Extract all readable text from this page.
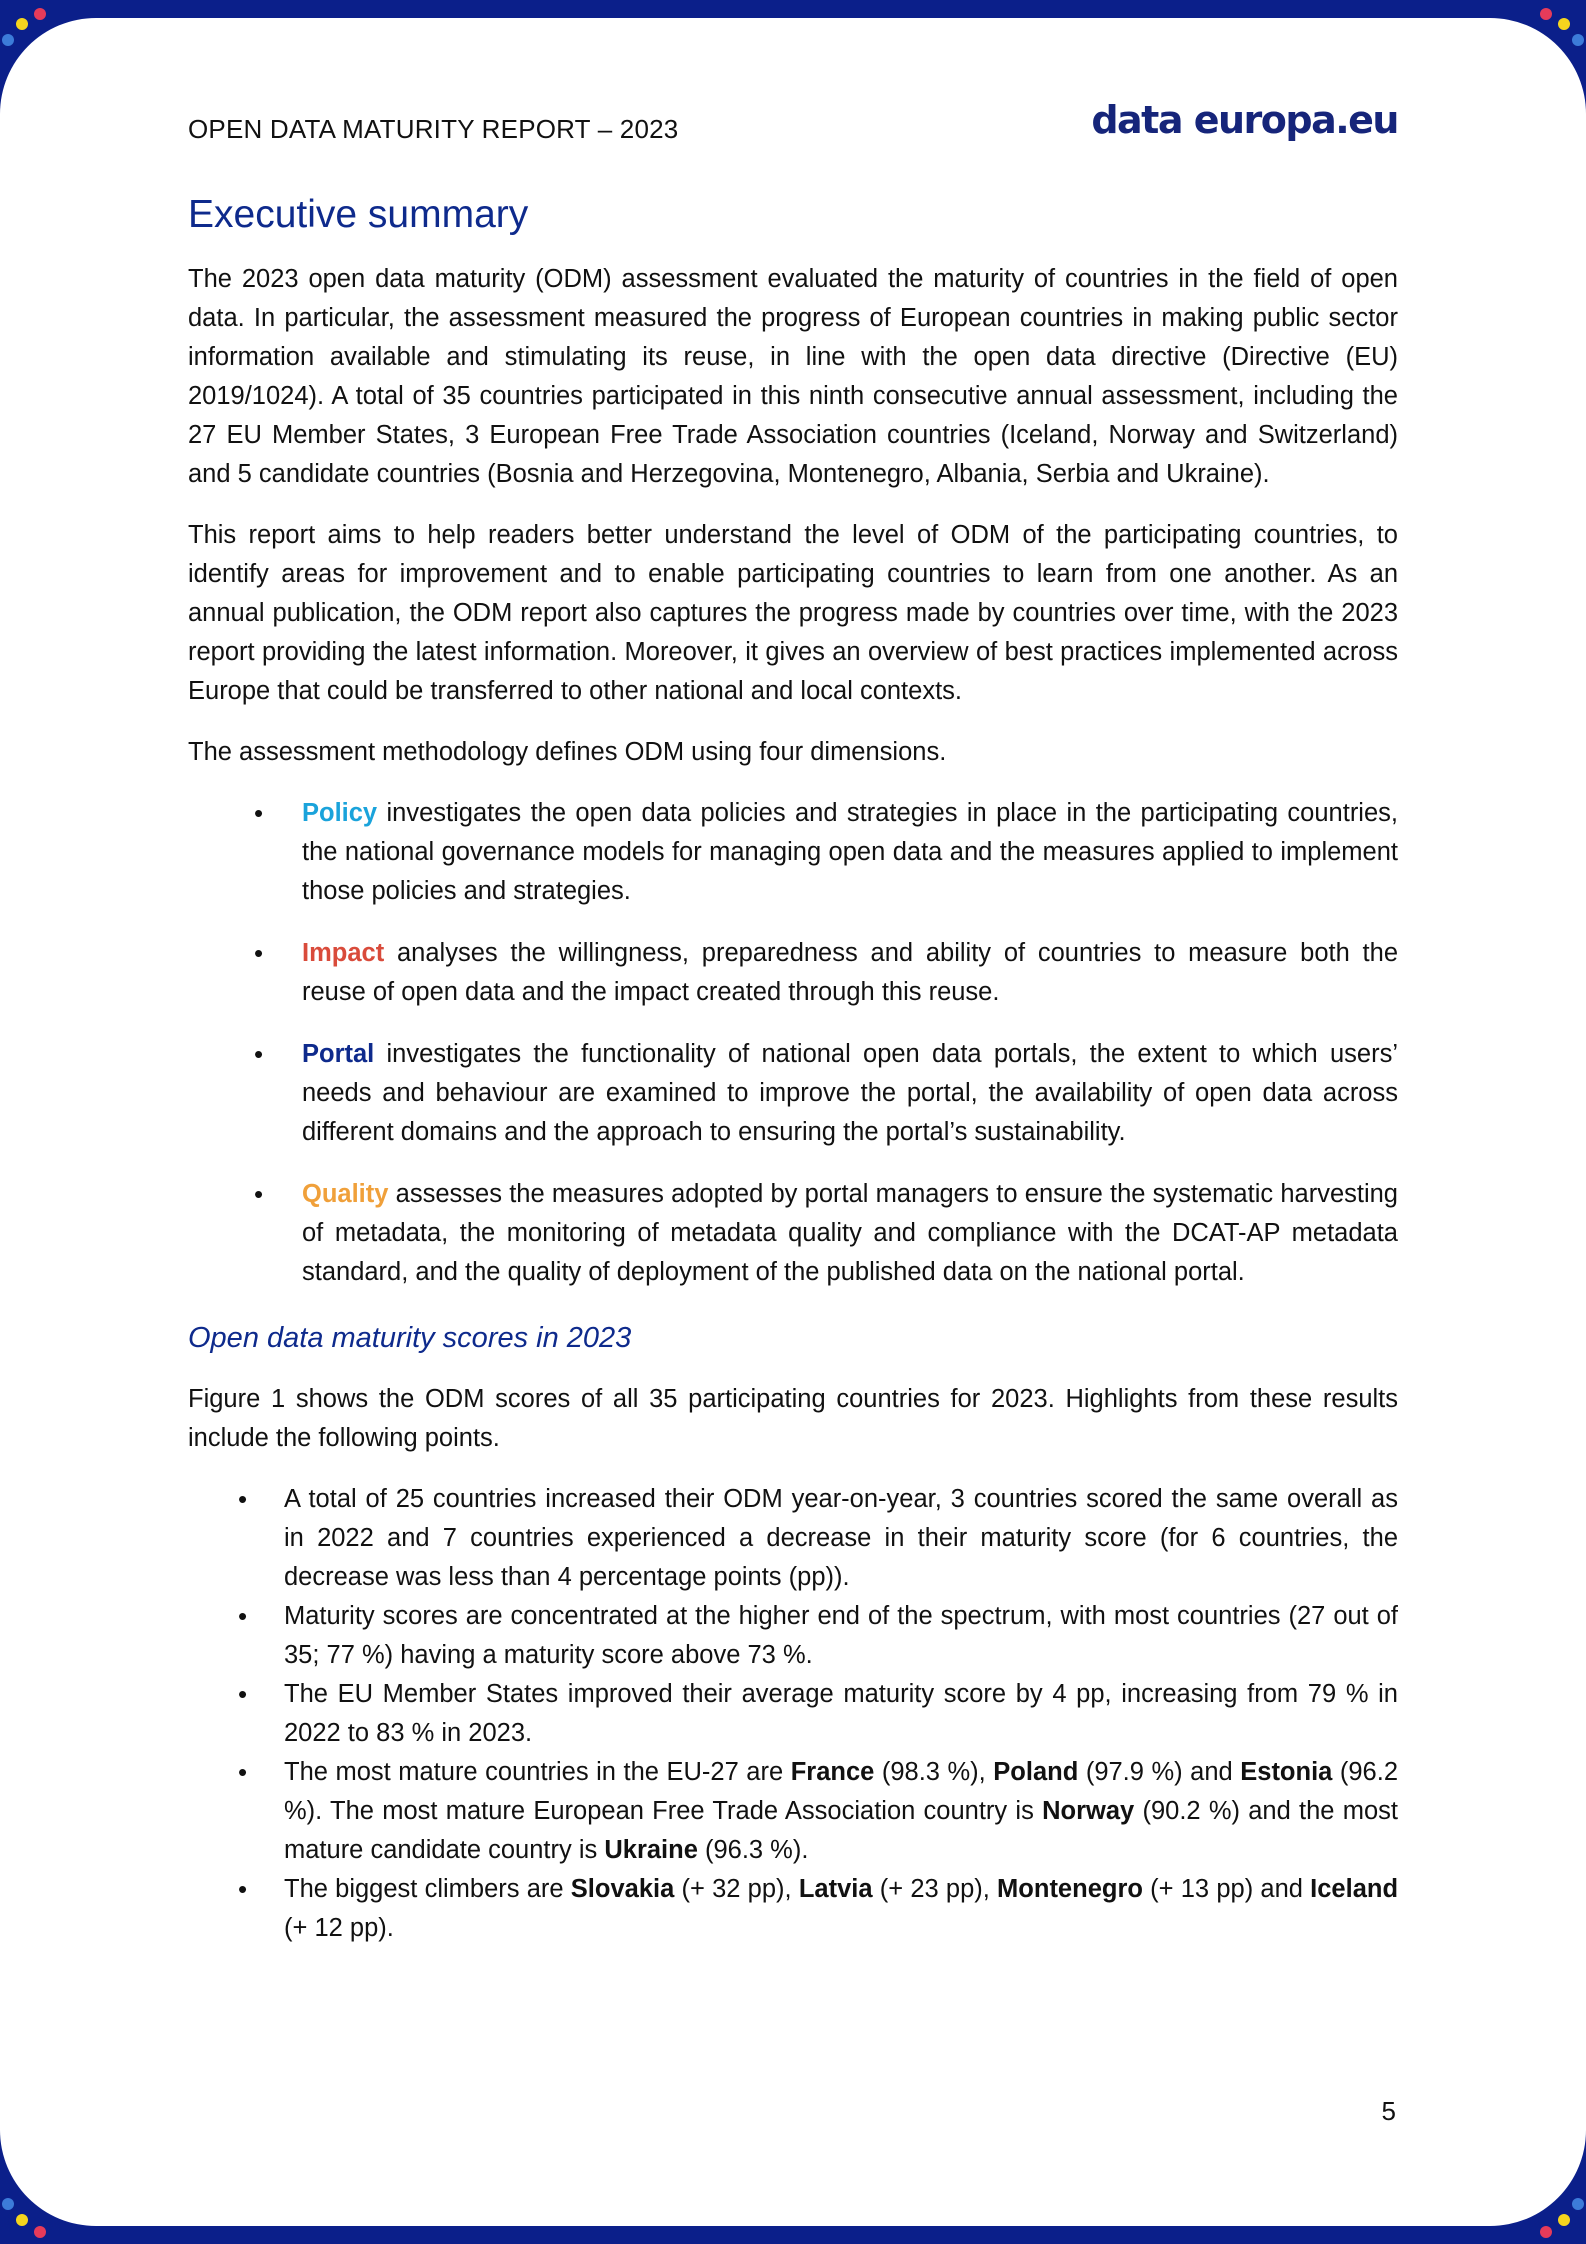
OPEN DATA MATURITY REPORT – 2023	data europa.eu
Executive summary

The 2023 open data maturity (ODM) assessment evaluated the maturity of countries in the field of open data. In particular, the assessment measured the progress of European countries in making public sector information available and stimulating its reuse, in line with the open data directive (Directive (EU) 2019/1024). A total of 35 countries participated in this ninth consecutive annual assessment, including the 27 EU Member States, 3 European Free Trade Association countries (Iceland, Norway and Switzerland) and 5 candidate countries (Bosnia and Herzegovina, Montenegro, Albania, Serbia and Ukraine).

This report aims to help readers better understand the level of ODM of the participating countries, to identify areas for improvement and to enable participating countries to learn from one another. As an annual publication, the ODM report also captures the progress made by countries over time, with the 2023 report providing the latest information. Moreover, it gives an overview of best practices implemented across Europe that could be transferred to other national and local contexts.

The assessment methodology defines ODM using four dimensions.

• Policy investigates the open data policies and strategies in place in the participating countries, the national governance models for managing open data and the measures applied to implement those policies and strategies.
• Impact analyses the willingness, preparedness and ability of countries to measure both the reuse of open data and the impact created through this reuse.
• Portal investigates the functionality of national open data portals, the extent to which users’ needs and behaviour are examined to improve the portal, the availability of open data across different domains and the approach to ensuring the portal’s sustainability.
• Quality assesses the measures adopted by portal managers to ensure the systematic harvesting of metadata, the monitoring of metadata quality and compliance with the DCAT-AP metadata standard, and the quality of deployment of the published data on the national portal.
Open data maturity scores in 2023

Figure 1 shows the ODM scores of all 35 participating countries for 2023. Highlights from these results include the following points.

• A total of 25 countries increased their ODM year-on-year, 3 countries scored the same overall as in 2022 and 7 countries experienced a decrease in their maturity score (for 6 countries, the decrease was less than 4 percentage points (pp)).
• Maturity scores are concentrated at the higher end of the spectrum, with most countries (27 out of 35; 77 %) having a maturity score above 73 %.
• The EU Member States improved their average maturity score by 4 pp, increasing from 79 % in 2022 to 83 % in 2023.
• The most mature countries in the EU-27 are France (98.3 %), Poland (97.9 %) and Estonia (96.2 %). The most mature European Free Trade Association country is Norway (90.2 %) and the most mature candidate country is Ukraine (96.3 %).
• The biggest climbers are Slovakia (+ 32 pp), Latvia (+ 23 pp), Montenegro (+ 13 pp) and Iceland (+ 12 pp).
5
